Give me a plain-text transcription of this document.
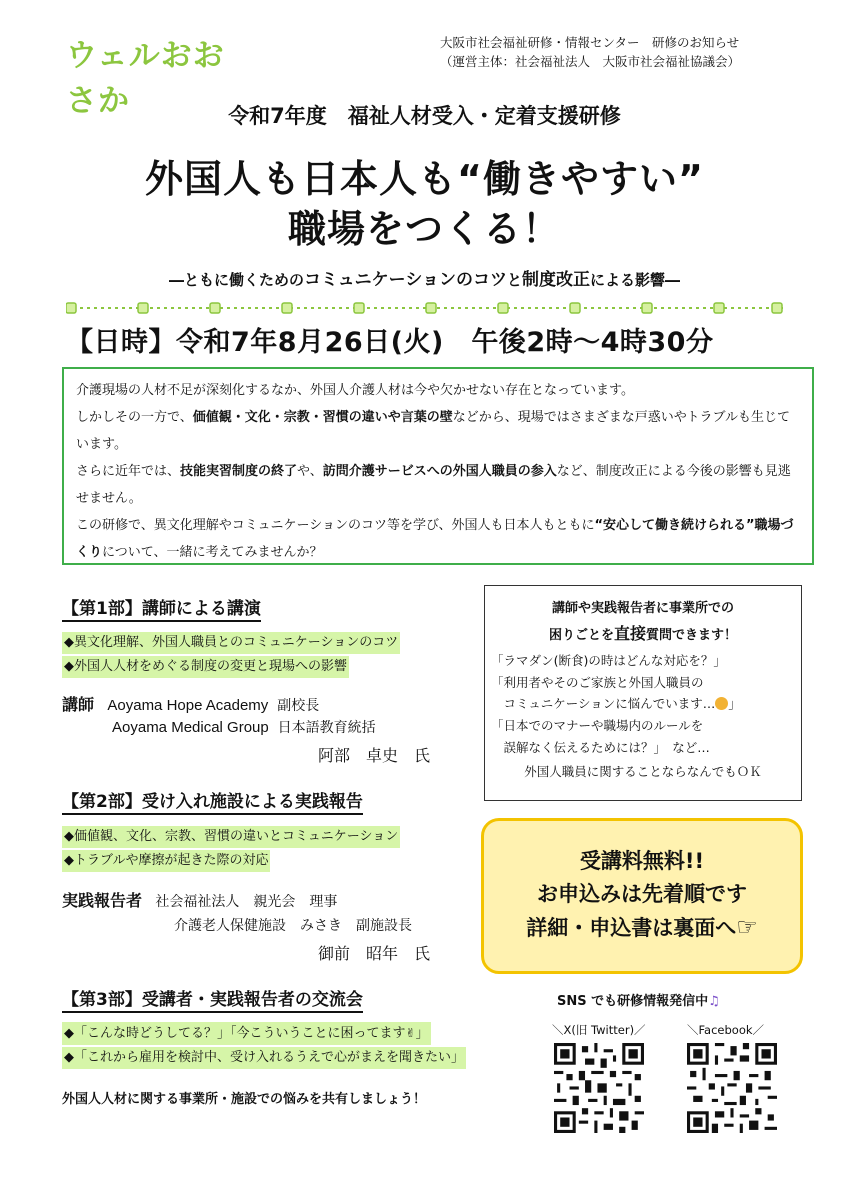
ウェルおおさか
大阪市社会福祉研修・情報センター　研修のお知らせ
（運営主体：社会福祉法人　大阪市社会福祉協議会）
令和7年度　福祉人材受入・定着支援研修
外国人も日本人も“働きやすい”
職場をつくる！
―ともに働くためのコミュニケーションのコツと制度改正による影響―
【日時】令和7年8月26日(火)　午後2時～4時30分

介護現場の人材不足が深刻化するなか、外国人介護人材は今や欠かせない存在となっています。

しかしその一方で、価値観・文化・宗教・習慣の違いや言葉の壁などから、現場ではさまざまな戸惑いやトラブルも生じています。

さらに近年では、技能実習制度の終了や、訪問介護サービスへの外国人職員の参入など、制度改正による今後の影響も見逃せません。

この研修で、異文化理解やコミュニケーションのコツ等を学び、外国人も日本人もともに“安心して働き続けられる”職場づくりについて、一緒に考えてみませんか？

【第1部】講師による講演
◆異文化理解、外国人職員とのコミュニケーションのコツ
◆外国人人材をめぐる制度の変更と現場への影響
講師 Aoyama Hope Academy 副校長
Aoyama Medical Group 日本語教育統括
阿部　卓史　氏
【第2部】受け入れ施設による実践報告
◆価値観、文化、宗教、習慣の違いとコミュニケーション
◆トラブルや摩擦が起きた際の対応
実践報告者 社会福祉法人　親光会　理事
介護老人保健施設　みさき　副施設長
御前　昭年　氏
【第3部】受講者・実践報告者の交流会
◆「こんな時どうしてる？」「今こういうことに困ってます✌」
◆「これから雇用を検討中、受け入れるうえで心がまえを聞きたい」
外国人人材に関する事業所・施設での悩みを共有しましょう！
講師や実践報告者に事業所での
困りごとを直接質問できます！
「ラマダン(断食)の時はどんな対応を？」
「利用者やそのご家族と外国人職員の
　コミュニケーションに悩んでいます… 」
「日本でのマナーや職場内のルールを
　誤解なく伝えるためには？」　など…
外国人職員に関することならなんでもＯＫ
受講料無料!!
お申込みは先着順です
詳細・申込書は裏面へ☞
SNS でも研修情報発信中♫
＼X(旧 Twitter)／	＼Facebook／
